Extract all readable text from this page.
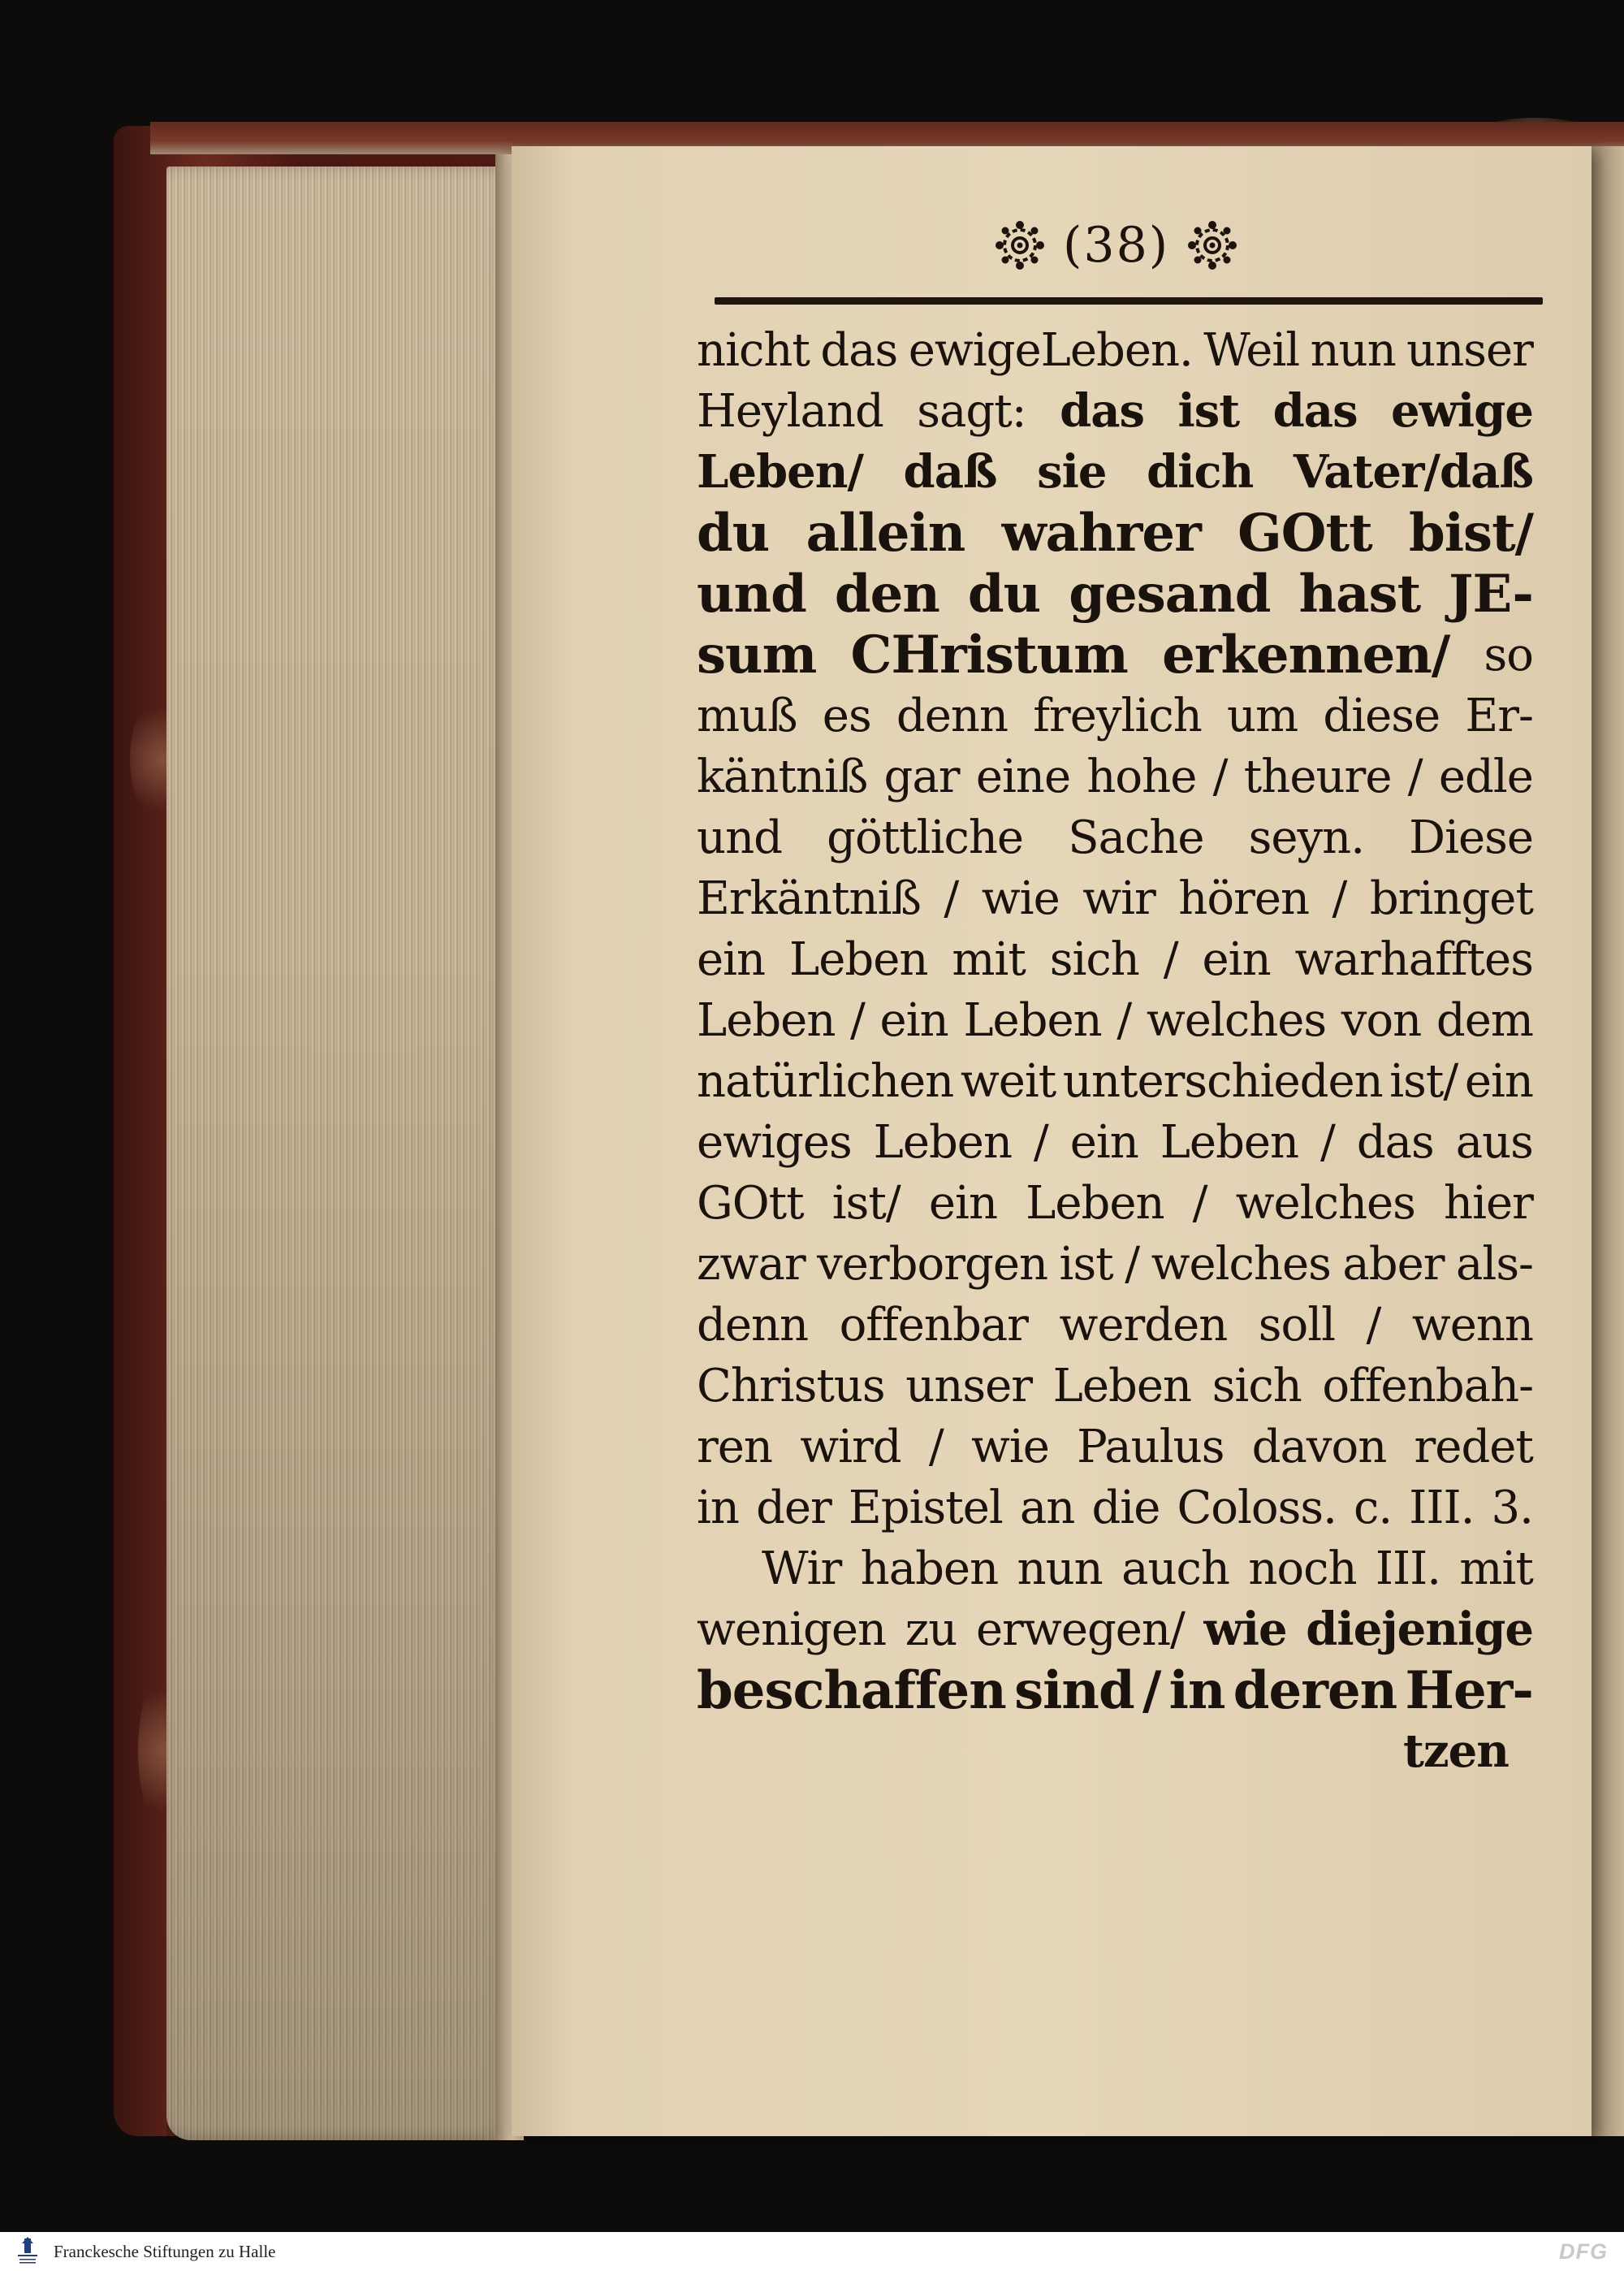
(38)
nicht das ewigeLeben. Weil nun unser
Heyland sagt: das ist das ewige
Leben/ daß sie dich Vater/daß
du allein wahrer GOtt bist/
und den du gesand hast JE-
sum CHristum erkennen/ so
muß es denn freylich um diese Er-
käntniß gar eine hohe / theure / edle
und göttliche Sache seyn. Diese
Erkäntniß / wie wir hören / bringet
ein Leben mit sich / ein warhafftes
Leben / ein Leben / welches von dem
natürlichen weit unterschieden ist/ ein
ewiges Leben / ein Leben / das aus
GOtt ist/ ein Leben / welches hier
zwar verborgen ist / welches aber als-
denn offenbar werden soll / wenn
Christus unser Leben sich offenbah-
ren wird / wie Paulus davon redet
in der Epistel an die Coloss. c. III. 3.
Wir haben nun auch noch III. mit
wenigen zu erwegen/ wie diejenige
beschaffen sind / in deren Her-
tzen
Franckesche Stiftungen zu Halle	DFG
